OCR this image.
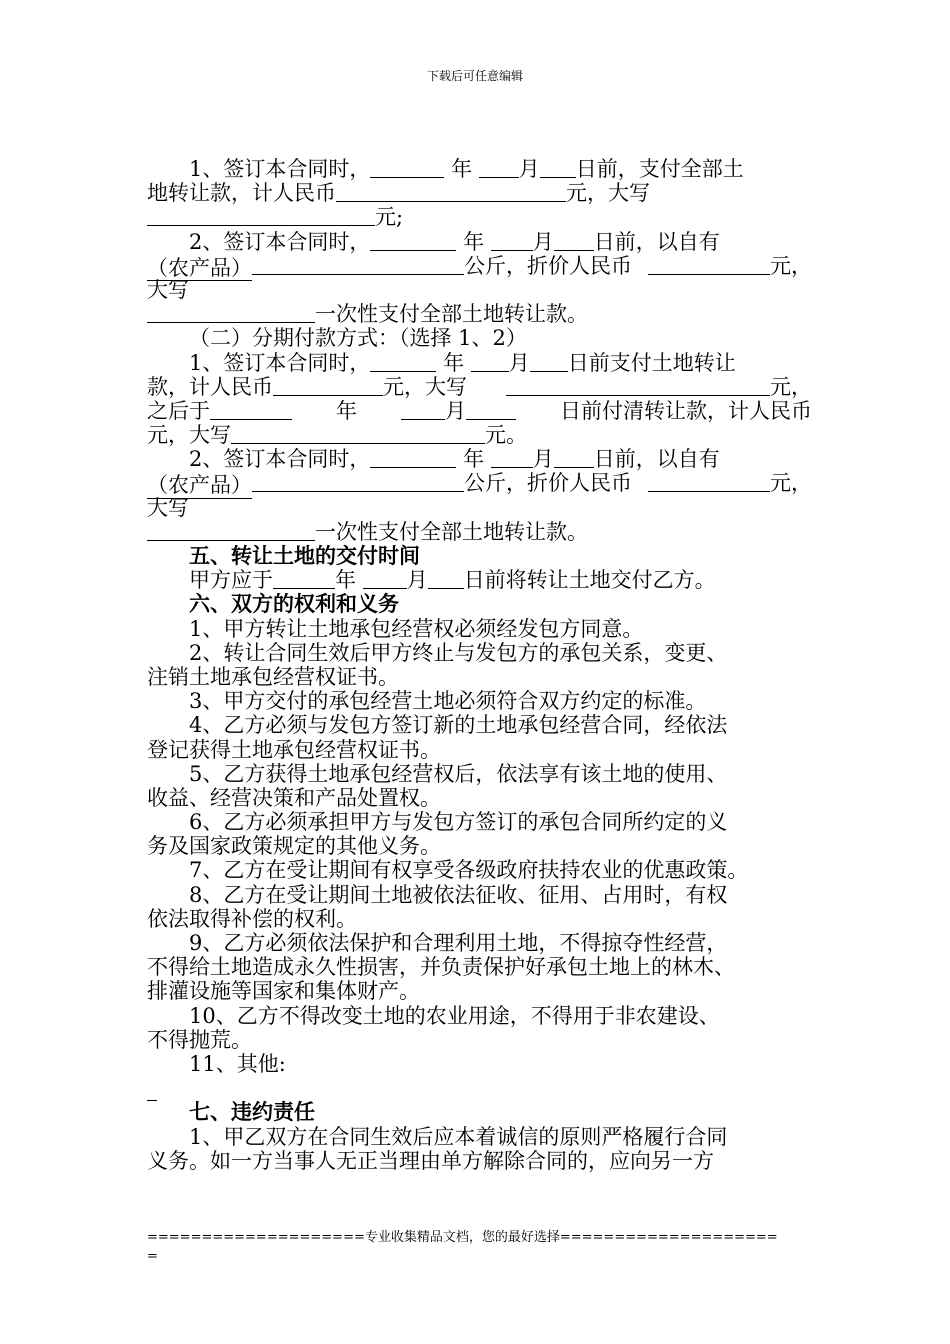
下载后可任意编辑
1、签订本合同时，	年 月 日前，支付全部土
地转让款，计人民币	元，大写
元;
2、签订本合同时，	年 月 日前，以自有
（农产品）	公斤，折价人民币	元，
大写
一次性支付全部土地转让款。
（二）分期付款方式：（选择 1、2）
1、签订本合同时，	年 月 日前支付土地转让
款，计人民币	元，大写	元，
之后于	年	月	日前付清转让款，计人民币
元，大写	元。
2、签订本合同时，	年 月 日前，以自有
（农产品）	公斤，折价人民币	元，
大写
一次性支付全部土地转让款。
五、转让土地的交付时间
甲方应于	年 月 日前将转让土地交付乙方。
六、双方的权利和义务
1、甲方转让土地承包经营权必须经发包方同意。
2、转让合同生效后甲方终止与发包方的承包关系，变更、
注销土地承包经营权证书。
3、甲方交付的承包经营土地必须符合双方约定的标准。
4、乙方必须与发包方签订新的土地承包经营合同，经依法
登记获得土地承包经营权证书。
5、乙方获得土地承包经营权后，依法享有该土地的使用、
收益、经营决策和产品处置权。
6、乙方必须承担甲方与发包方签订的承包合同所约定的义
务及国家政策规定的其他义务。
7、乙方在受让期间有权享受各级政府扶持农业的优惠政策。
8、乙方在受让期间土地被依法征收、征用、占用时，有权
依法取得补偿的权利。
9、乙方必须依法保护和合理利用土地，不得掠夺性经营，
不得给土地造成永久性损害，并负责保护好承包土地上的林木、
排灌设施等国家和集体财产。
10、乙方不得改变土地的农业用途，不得用于非农建设、
不得抛荒。
11、其他:
七、违约责任
1、甲乙双方在合同生效后应本着诚信的原则严格履行合同
义务。如一方当事人无正当理由单方解除合同的，应向另一方
====================专业收集精品文档，您的最好选择====================
=
